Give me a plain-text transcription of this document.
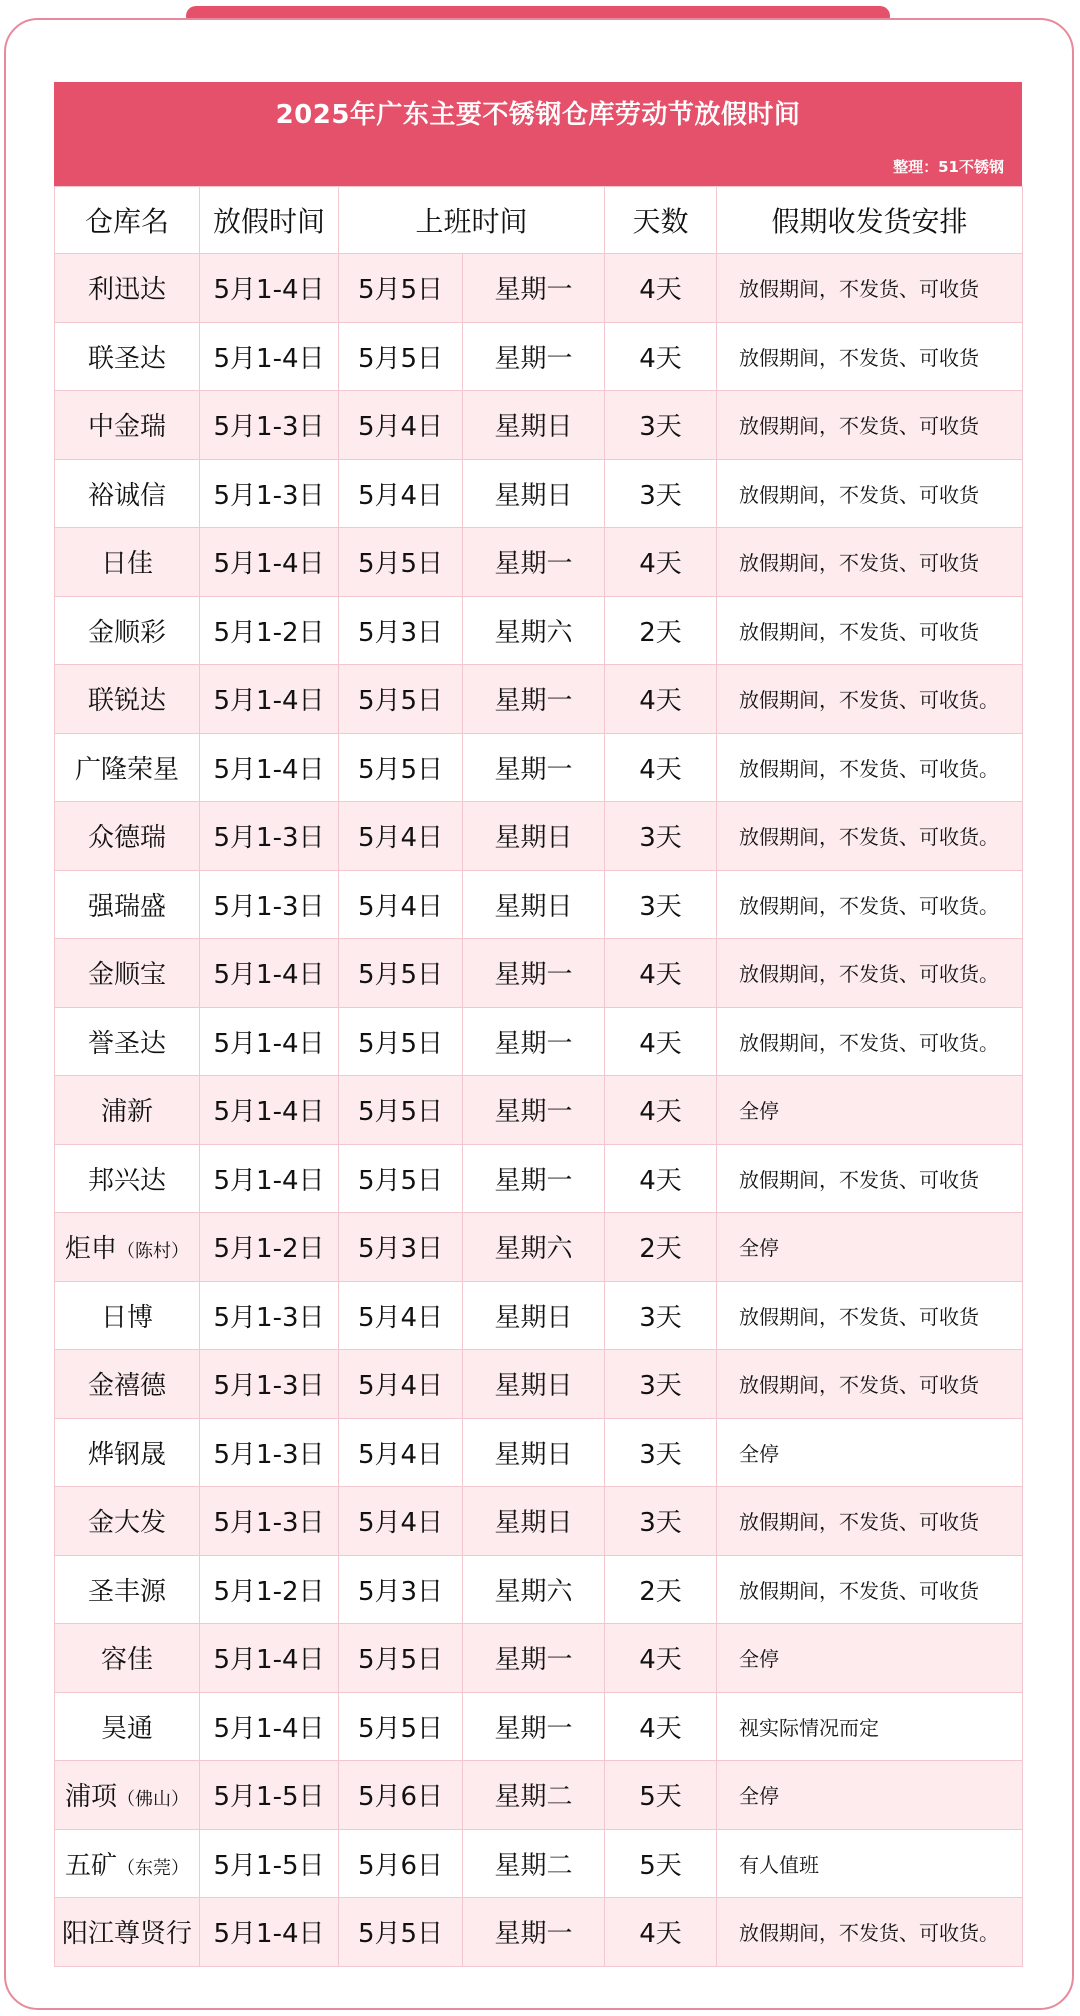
2025年广东主要不锈钢仓库劳动节放假时间
整理：51不锈钢
仓库名	放假时间	上班时间		天数	假期收发货安排
利迅达	5月1-4日	5月5日	星期一	4天	放假期间，不发货、可收货
联圣达	5月1-4日	5月5日	星期一	4天	放假期间，不发货、可收货
中金瑞	5月1-3日	5月4日	星期日	3天	放假期间，不发货、可收货
裕诚信	5月1-3日	5月4日	星期日	3天	放假期间，不发货、可收货
日佳	5月1-4日	5月5日	星期一	4天	放假期间，不发货、可收货
金顺彩	5月1-2日	5月3日	星期六	2天	放假期间，不发货、可收货
联锐达	5月1-4日	5月5日	星期一	4天	放假期间，不发货、可收货。
广隆荣星	5月1-4日	5月5日	星期一	4天	放假期间，不发货、可收货。
众德瑞	5月1-3日	5月4日	星期日	3天	放假期间，不发货、可收货。
强瑞盛	5月1-3日	5月4日	星期日	3天	放假期间，不发货、可收货。
金顺宝	5月1-4日	5月5日	星期一	4天	放假期间，不发货、可收货。
誉圣达	5月1-4日	5月5日	星期一	4天	放假期间，不发货、可收货。
浦新	5月1-4日	5月5日	星期一	4天	全停
邦兴达	5月1-4日	5月5日	星期一	4天	放假期间，不发货、可收货
炬申（陈村）	5月1-2日	5月3日	星期六	2天	全停
日博	5月1-3日	5月4日	星期日	3天	放假期间，不发货、可收货
金禧德	5月1-3日	5月4日	星期日	3天	放假期间，不发货、可收货
烨钢晟	5月1-3日	5月4日	星期日	3天	全停
金大发	5月1-3日	5月4日	星期日	3天	放假期间，不发货、可收货
圣丰源	5月1-2日	5月3日	星期六	2天	放假期间，不发货、可收货
容佳	5月1-4日	5月5日	星期一	4天	全停
昊通	5月1-4日	5月5日	星期一	4天	视实际情况而定
浦项（佛山）	5月1-5日	5月6日	星期二	5天	全停
五矿（东莞）	5月1-5日	5月6日	星期二	5天	有人值班
阳江尊贤行	5月1-4日	5月5日	星期一	4天	放假期间，不发货、可收货。
